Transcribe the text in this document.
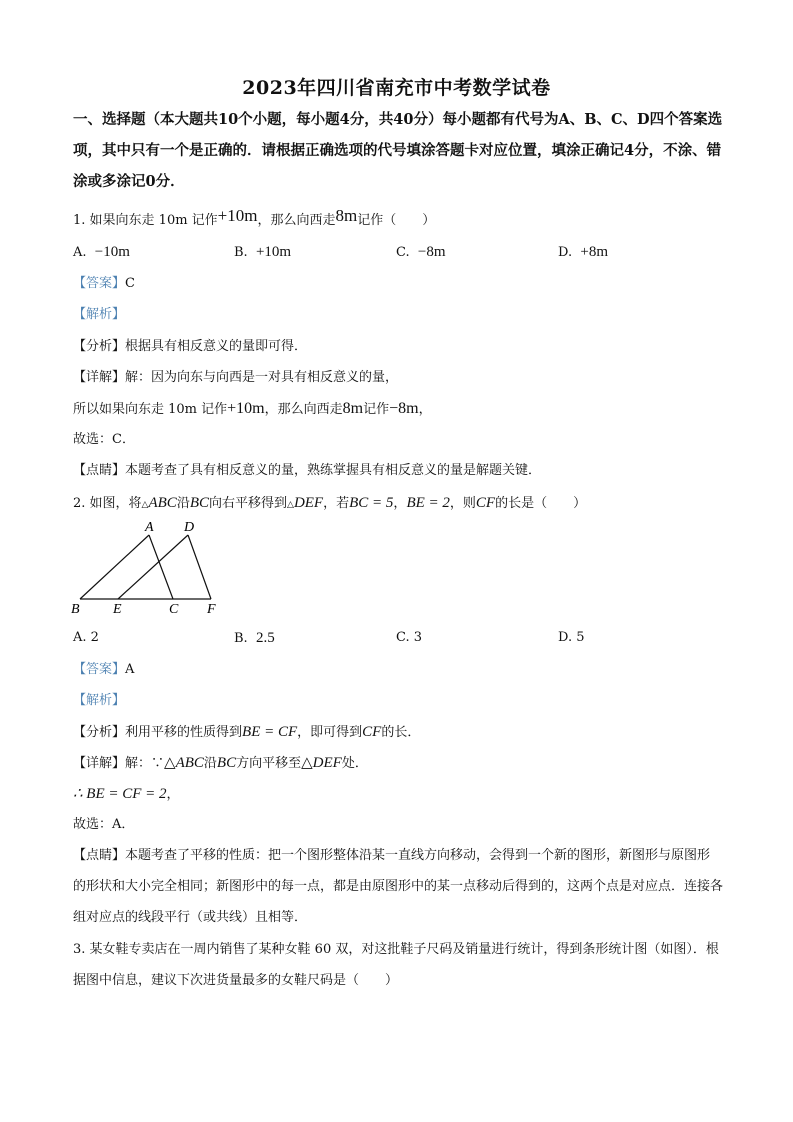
2023年四川省南充市中考数学试卷
一、选择题（本大题共10个小题，每小题4分，共40分）每小题都有代号为A、B、C、D四个答案选项，其中只有一个是正确的．请根据正确选项的代号填涂答题卡对应位置，填涂正确记4分，不涂、错涂或多涂记0分．
1. 如果向东走 10m 记作+10m，那么向西走8m记作（　　）
A. −10m	B. +10m	C. −8m	D. +8m
【答案】C
【解析】
【分析】根据具有相反意义的量即可得．
【详解】解：因为向东与向西是一对具有相反意义的量，
所以如果向东走 10m 记作+10m，那么向西走8m记作−8m，
故选：C．
【点睛】本题考查了具有相反意义的量，熟练掌握具有相反意义的量是解题关键．
2. 如图，将△ABC沿BC向右平移得到△DEF，若BC = 5，BE = 2，则CF的长是（　　）
A D
B E	C F
A. 2	B. 2.5	C. 3	D. 5
【答案】A
【解析】
【分析】利用平移的性质得到BE = CF，即可得到CF的长．
【详解】解：∵△ABC沿BC方向平移至△DEF处．
∴ BE = CF = 2，
故选：A．
【点睛】本题考查了平移的性质：把一个图形整体沿某一直线方向移动，会得到一个新的图形，新图形与原图形的形状和大小完全相同；新图形中的每一点，都是由原图形中的某一点移动后得到的，这两个点是对应点．连接各组对应点的线段平行（或共线）且相等．
3. 某女鞋专卖店在一周内销售了某种女鞋 60 双，对这批鞋子尺码及销量进行统计，得到条形统计图（如图）．根据图中信息，建议下次进货量最多的女鞋尺码是（　　）
